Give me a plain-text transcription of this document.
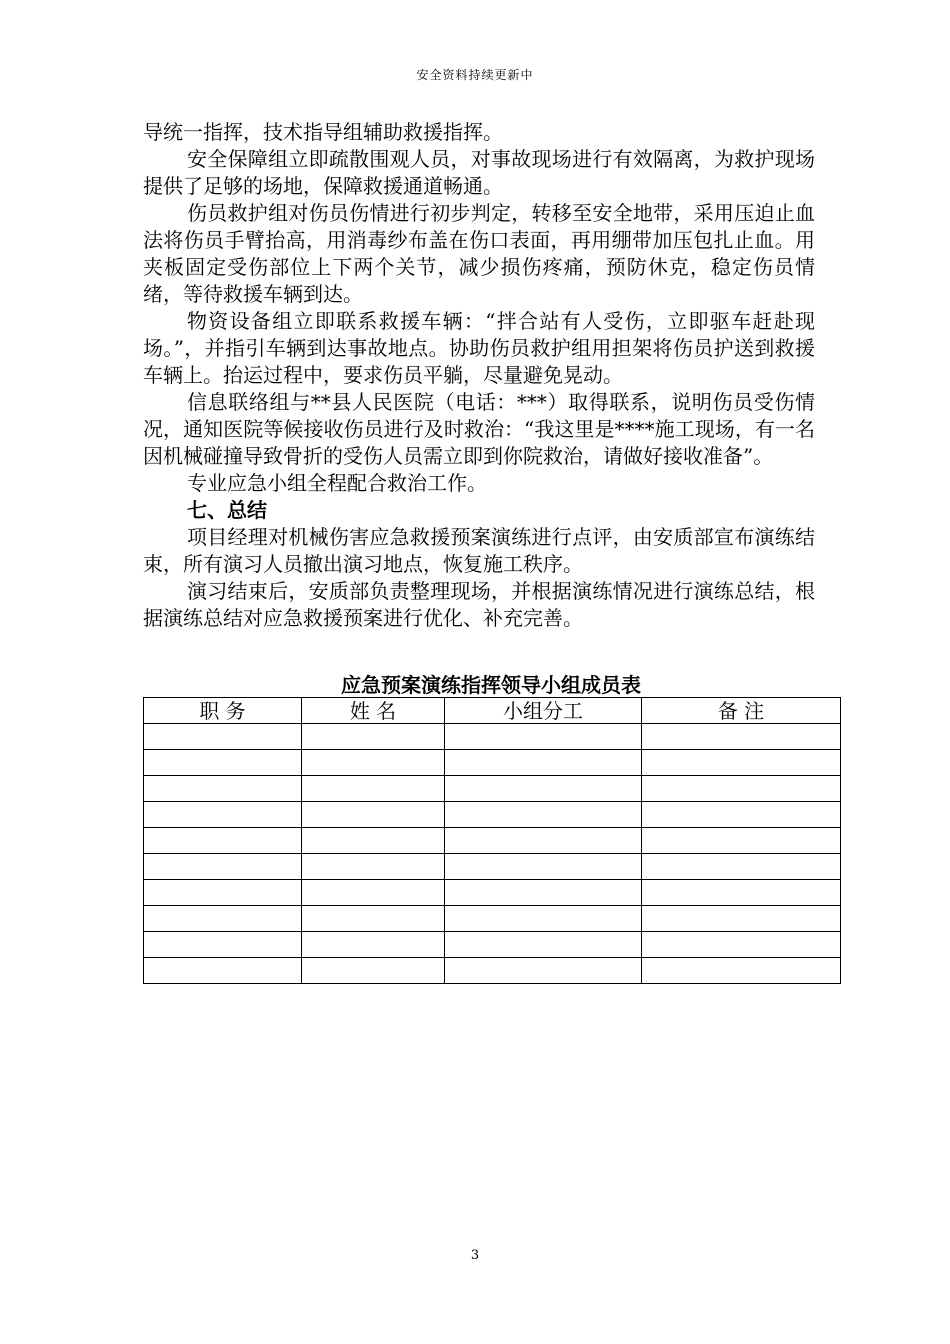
安全资料持续更新中

导统一指挥，技术指导组辅助救援指挥。

安全保障组立即疏散围观人员，对事故现场进行有效隔离，为救护现场提供了足够的场地，保障救援通道畅通。

伤员救护组对伤员伤情进行初步判定，转移至安全地带，采用压迫止血法将伤员手臂抬高，用消毒纱布盖在伤口表面，再用绷带加压包扎止血。用夹板固定受伤部位上下两个关节，减少损伤疼痛，预防休克，稳定伤员情绪，等待救援车辆到达。

物资设备组立即联系救援车辆：“拌合站有人受伤，立即驱车赶赴现场。”，并指引车辆到达事故地点。协助伤员救护组用担架将伤员护送到救援车辆上。抬运过程中，要求伤员平躺，尽量避免晃动。

信息联络组与**县人民医院（电话：***）取得联系，说明伤员受伤情况，通知医院等候接收伤员进行及时救治：“我这里是****施工现场，有一名因机械碰撞导致骨折的受伤人员需立即到你院救治，请做好接收准备”。

专业应急小组全程配合救治工作。

七、总结

项目经理对机械伤害应急救援预案演练进行点评，由安质部宣布演练结束，所有演习人员撤出演习地点，恢复施工秩序。

演习结束后，安质部负责整理现场，并根据演练情况进行演练总结，根据演练总结对应急救援预案进行优化、补充完善。

应急预案演练指挥领导小组成员表
职 务	姓 名	小组分工	备 注

3
